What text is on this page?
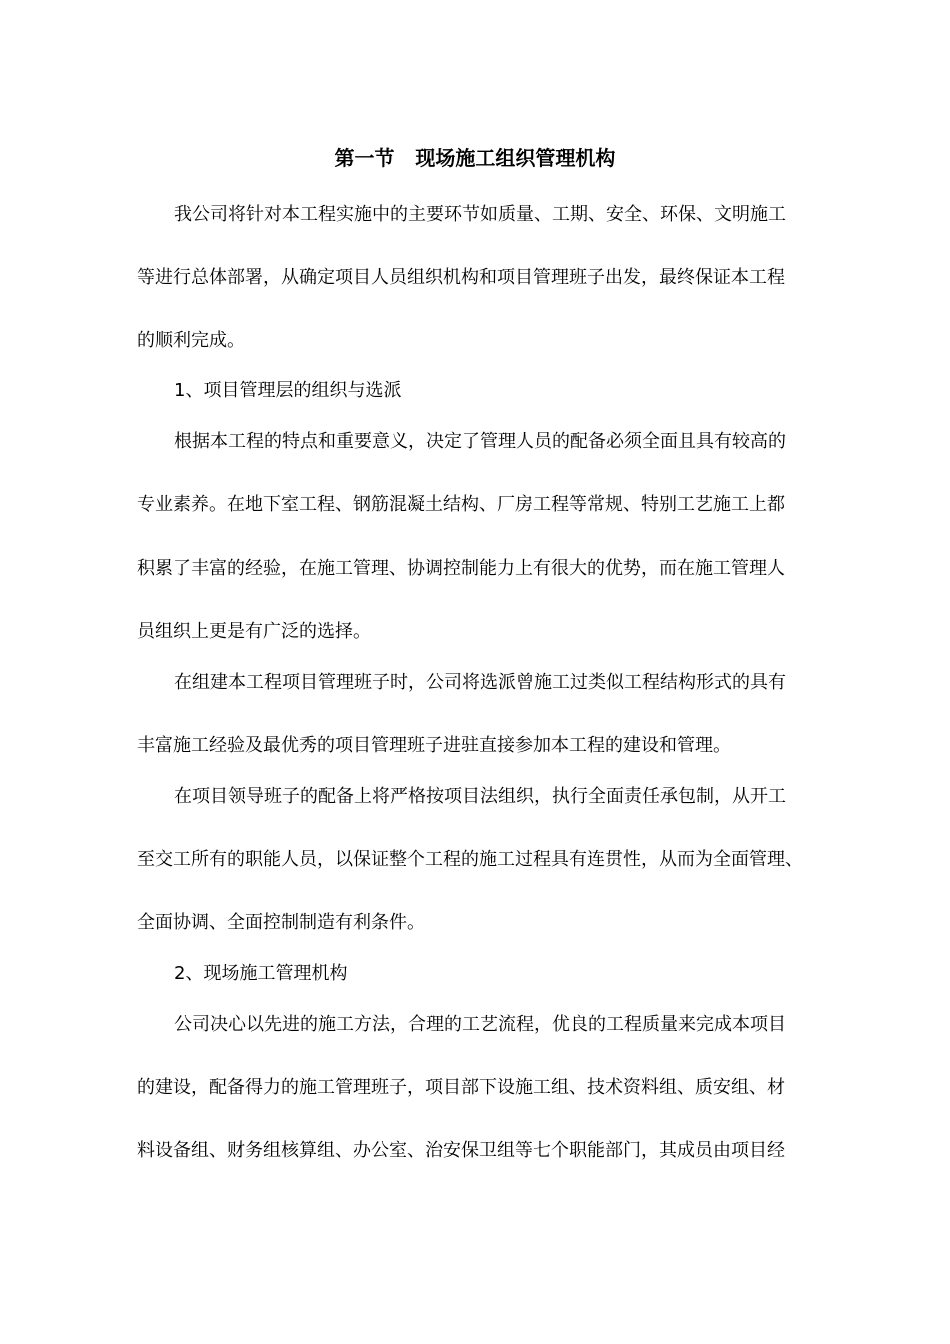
第一节   现场施工组织管理机构
我公司将针对本工程实施中的主要环节如质量、工期、安全、环保、文明施工
等进行总体部署，从确定项目人员组织机构和项目管理班子出发，最终保证本工程
的顺利完成。
1、项目管理层的组织与选派
根据本工程的特点和重要意义，决定了管理人员的配备必须全面且具有较高的
专业素养。在地下室工程、钢筋混凝土结构、厂房工程等常规、特别工艺施工上都
积累了丰富的经验，在施工管理、协调控制能力上有很大的优势，而在施工管理人
员组织上更是有广泛的选择。
在组建本工程项目管理班子时，公司将选派曾施工过类似工程结构形式的具有
丰富施工经验及最优秀的项目管理班子进驻直接参加本工程的建设和管理。
在项目领导班子的配备上将严格按项目法组织，执行全面责任承包制，从开工
至交工所有的职能人员，以保证整个工程的施工过程具有连贯性，从而为全面管理、
全面协调、全面控制制造有利条件。
2、现场施工管理机构
公司决心以先进的施工方法，合理的工艺流程，优良的工程质量来完成本项目
的建设，配备得力的施工管理班子，项目部下设施工组、技术资料组、质安组、材
料设备组、财务组核算组、办公室、治安保卫组等七个职能部门，其成员由项目经
